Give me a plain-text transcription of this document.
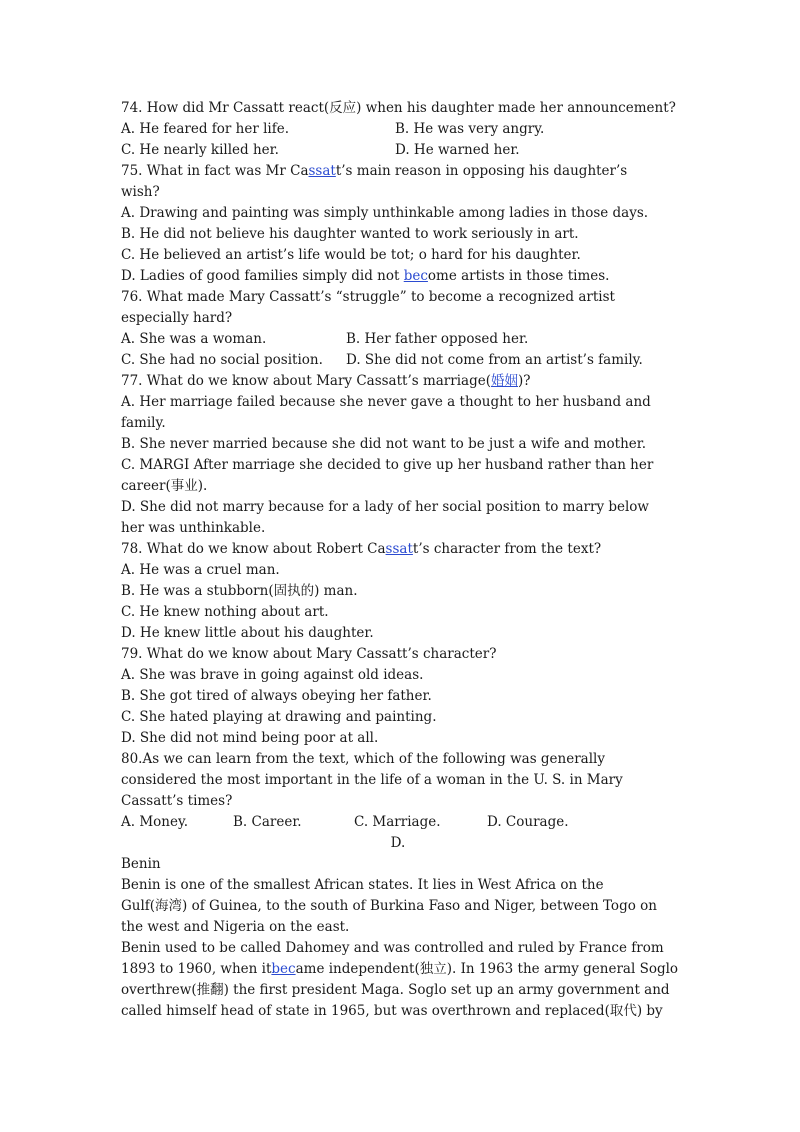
74. How did Mr Cassatt react(反应) when his daughter made her announcement?
A. He feared for her life.	B. He was very angry.
C. He nearly killed her.	D. He warned her.
75. What in fact was Mr Cassatt’s main reason in opposing his daughter’s
wish?
A. Drawing and painting was simply unthinkable among ladies in those days.
B. He did not believe his daughter wanted to work seriously in art.
C. He believed an artist’s life would be tot; o hard for his daughter.
D. Ladies of good families simply did not become artists in those times.
76. What made Mary Cassatt’s “struggle” to become a recognized artist
especially hard?
A. She was a woman.	B. Her father opposed her.
C. She had no social position.	D. She did not come from an artist’s family.
77. What do we know about Mary Cassatt’s marriage(婚姻)?
A. Her marriage failed because she never gave a thought to her husband and
family.
B. She never married because she did not want to be just a wife and mother.
C. MARGI After marriage she decided to give up her husband rather than her
career(事业).
D. She did not marry because for a lady of her social position to marry below
her was unthinkable.
78. What do we know about Robert Cassatt’s character from the text?
A. He was a cruel man.
B. He was a stubborn(固执的) man.
C. He knew nothing about art.
D. He knew little about his daughter.
79. What do we know about Mary Cassatt’s character?
A. She was brave in going against old ideas.
B. She got tired of always obeying her father.
C. She hated playing at drawing and painting.
D. She did not mind being poor at all.
80.As we can learn from the text, which of the following was generally
considered the most important in the life of a woman in the U. S. in Mary
Cassatt’s times?
A. Money.	B. Career.	C. Marriage.	D. Courage.
D.
Benin
Benin is one of the smallest African states. It lies in West Africa on the
Gulf(海湾) of Guinea, to the south of Burkina Faso and Niger, between Togo on
the west and Nigeria on the east.
Benin used to be called Dahomey and was controlled and ruled by France from
1893 to 1960, when itbecame independent(独立). In 1963 the army general Soglo
overthrew(推翻) the first president Maga. Soglo set up an army government and
called himself head of state in 1965, but was overthrown and replaced(取代) by
